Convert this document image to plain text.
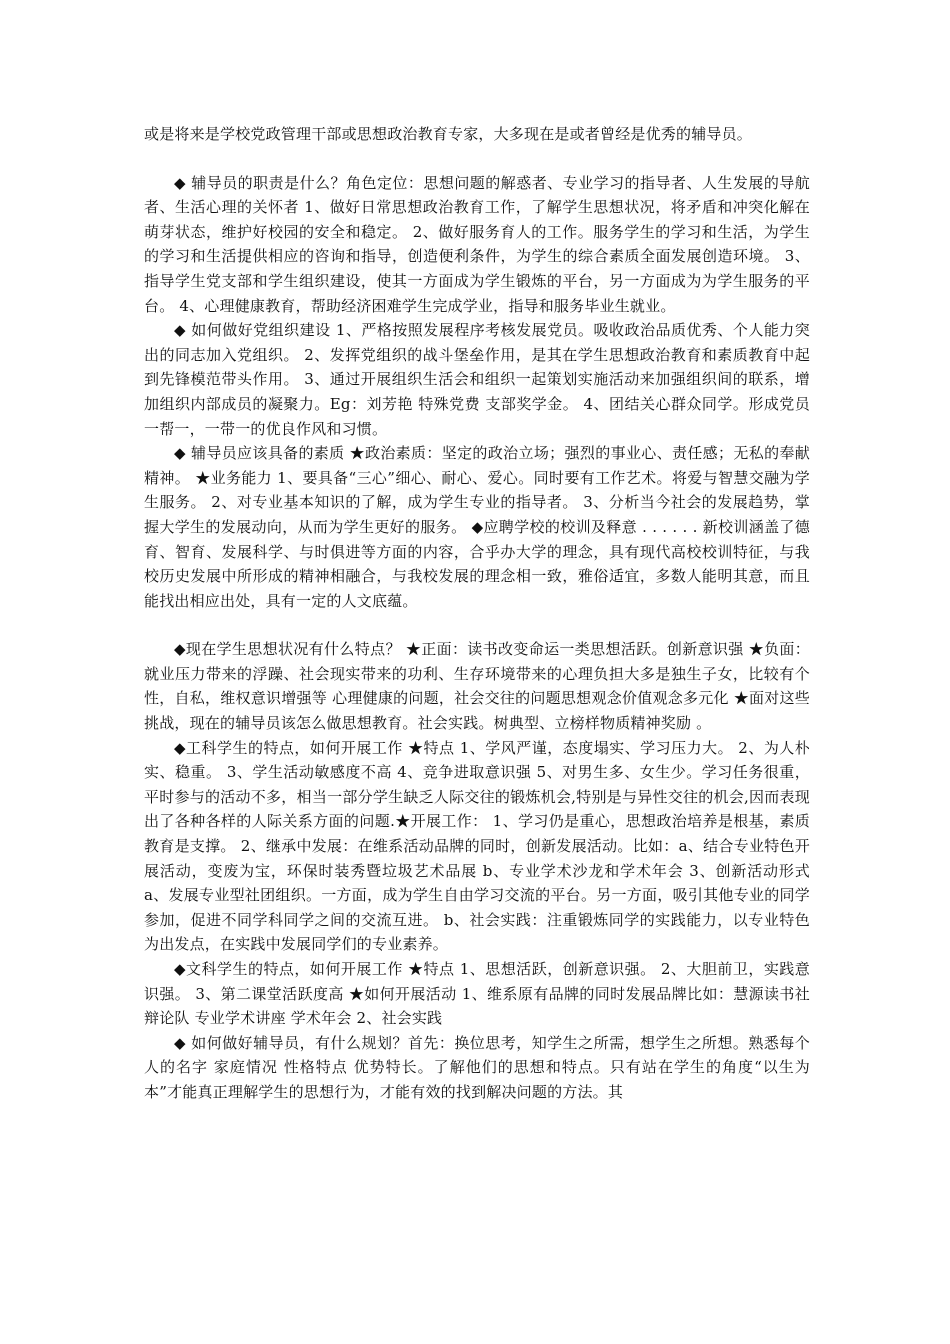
或是将来是学校党政管理干部或思想政治教育专家，大多现在是或者曾经是优秀的辅导员。

◆ 辅导员的职责是什么？角色定位：思想问题的解惑者、专业学习的指导者、人生发展的导航者、生活心理的关怀者 1、做好日常思想政治教育工作，了解学生思想状况，将矛盾和冲突化解在萌芽状态，维护好校园的安全和稳定。 2、做好服务育人的工作。服务学生的学习和生活，为学生的学习和生活提供相应的咨询和指导，创造便利条件，为学生的综合素质全面发展创造环境。 3、指导学生党支部和学生组织建设，使其一方面成为学生锻炼的平台，另一方面成为为学生服务的平台。 4、心理健康教育，帮助经济困难学生完成学业，指导和服务毕业生就业。

◆ 如何做好党组织建设 1、严格按照发展程序考核发展党员。吸收政治品质优秀、个人能力突出的同志加入党组织。 2、发挥党组织的战斗堡垒作用，是其在学生思想政治教育和素质教育中起到先锋模范带头作用。 3、通过开展组织生活会和组织一起策划实施活动来加强组织间的联系，增加组织内部成员的凝聚力。Eg：刘芳艳 特殊党费 支部奖学金。 4、团结关心群众同学。形成党员一帮一，一带一的优良作风和习惯。

◆ 辅导员应该具备的素质 ★政治素质：坚定的政治立场；强烈的事业心、责任感；无私的奉献精神。 ★业务能力 1、要具备“三心”细心、耐心、爱心。同时要有工作艺术。将爱与智慧交融为学生服务。 2、对专业基本知识的了解，成为学生专业的指导者。 3、分析当今社会的发展趋势，掌握大学生的发展动向，从而为学生更好的服务。 ◆应聘学校的校训及释意 . . . . . . 新校训涵盖了德育、智育、发展科学、与时俱进等方面的内容，合乎办大学的理念，具有现代高校校训特征，与我校历史发展中所形成的精神相融合，与我校发展的理念相一致，雅俗适宜，多数人能明其意，而且能找出相应出处，具有一定的人文底蕴。

◆现在学生思想状况有什么特点？ ★正面：读书改变命运一类思想活跃。创新意识强 ★负面：就业压力带来的浮躁、社会现实带来的功利、生存环境带来的心理负担大多是独生子女，比较有个性，自私，维权意识增强等 心理健康的问题，社会交往的问题思想观念价值观念多元化 ★面对这些挑战，现在的辅导员该怎么做思想教育。社会实践。树典型、立榜样物质精神奖励 。

◆工科学生的特点，如何开展工作 ★特点 1、学风严谨，态度塌实、学习压力大。 2、为人朴实、稳重。 3、学生活动敏感度不高 4、竞争进取意识强 5、对男生多、女生少。学习任务很重，平时参与的活动不多，相当一部分学生缺乏人际交往的锻炼机会,特别是与异性交往的机会,因而表现出了各种各样的人际关系方面的问题.★开展工作： 1、学习仍是重心，思想政治培养是根基，素质教育是支撑。 2、继承中发展：在维系活动品牌的同时，创新发展活动。比如：a、结合专业特色开展活动，变废为宝，环保时装秀暨垃圾艺术品展 b、专业学术沙龙和学术年会 3、创新活动形式 a、发展专业型社团组织。一方面，成为学生自由学习交流的平台。另一方面，吸引其他专业的同学参加，促进不同学科同学之间的交流互进。 b、社会实践：注重锻炼同学的实践能力，以专业特色为出发点，在实践中发展同学们的专业素养。

◆文科学生的特点，如何开展工作 ★特点 1、思想活跃，创新意识强。 2、大胆前卫，实践意识强。 3、第二课堂活跃度高 ★如何开展活动 1、维系原有品牌的同时发展品牌比如：慧源读书社 辩论队 专业学术讲座 学术年会 2、社会实践

◆ 如何做好辅导员，有什么规划？首先：换位思考，知学生之所需，想学生之所想。熟悉每个人的名字 家庭情况 性格特点 优势特长。了解他们的思想和特点。只有站在学生的角度“以生为本”才能真正理解学生的思想行为，才能有效的找到解决问题的方法。其
